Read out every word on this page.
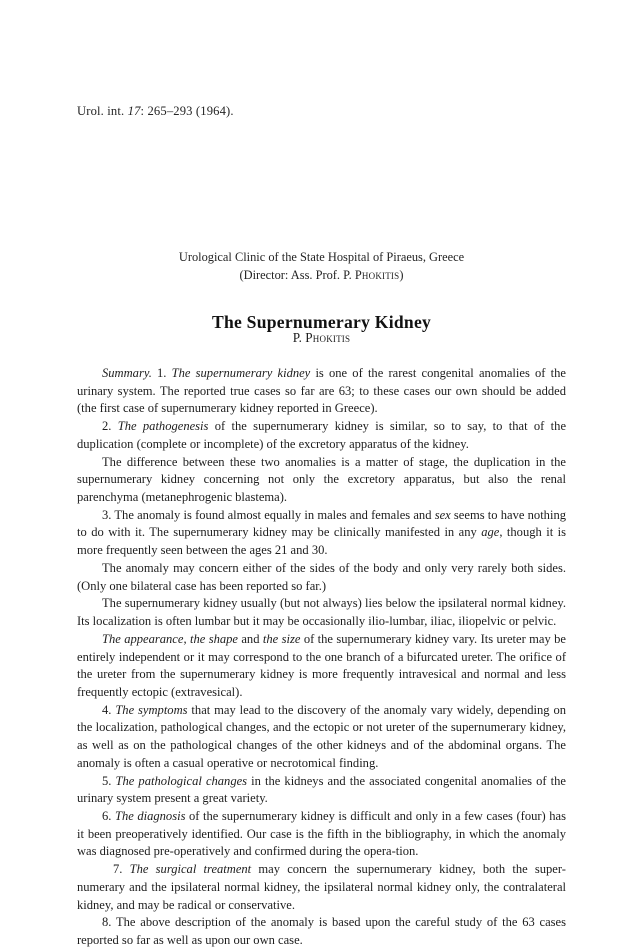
Urol. int. 17: 265–293 (1964).
Urological Clinic of the State Hospital of Piraeus, Greece
(Director: Ass. Prof. P. Phokitis)
The Supernumerary Kidney
P. Phokitis

Summary. 1. The supernumerary kidney is one of the rarest congenital anomalies of the urinary system. The reported true cases so far are 63; to these cases our own should be added (the first case of supernumerary kidney reported in Greece).

2. The pathogenesis of the supernumerary kidney is similar, so to say, to that of the duplication (complete or incomplete) of the excretory apparatus of the kidney.

The difference between these two anomalies is a matter of stage, the duplication in the supernumerary kidney concerning not only the excretory apparatus, but also the renal parenchyma (metanephrogenic blastema).

3. The anomaly is found almost equally in males and females and sex seems to have nothing to do with it. The supernumerary kidney may be clinically manifested in any age, though it is more frequently seen between the ages 21 and 30.

The anomaly may concern either of the sides of the body and only very rarely both sides. (Only one bilateral case has been reported so far.)

The supernumerary kidney usually (but not always) lies below the ipsilateral normal kidney. Its localization is often lumbar but it may be occasionally ilio-lumbar, iliac, iliopelvic or pelvic.

The appearance, the shape and the size of the supernumerary kidney vary. Its ureter may be entirely independent or it may correspond to the one branch of a bifurcated ureter. The orifice of the ureter from the supernumerary kidney is more frequently intravesical and normal and less frequently ectopic (extravesical).

4. The symptoms that may lead to the discovery of the anomaly vary widely, depending on the localization, pathological changes, and the ectopic or not ureter of the supernumerary kidney, as well as on the pathological changes of the other kidneys and of the abdominal organs. The anomaly is often a casual operative or necrotomical finding.

5. The pathological changes in the kidneys and the associated congenital anomalies of the urinary system present a great variety.

6. The diagnosis of the supernumerary kidney is difficult and only in a few cases (four) has it been preoperatively identified. Our case is the fifth in the bibliography, in which the anomaly was diagnosed pre-operatively and confirmed during the opera-tion.

7. The surgical treatment may concern the supernumerary kidney, both the super-numerary and the ipsilateral normal kidney, the ipsilateral normal kidney only, the contralateral kidney, and may be radical or conservative.

8. The above description of the anomaly is based upon the careful study of the 63 cases reported so far as well as upon our own case.
